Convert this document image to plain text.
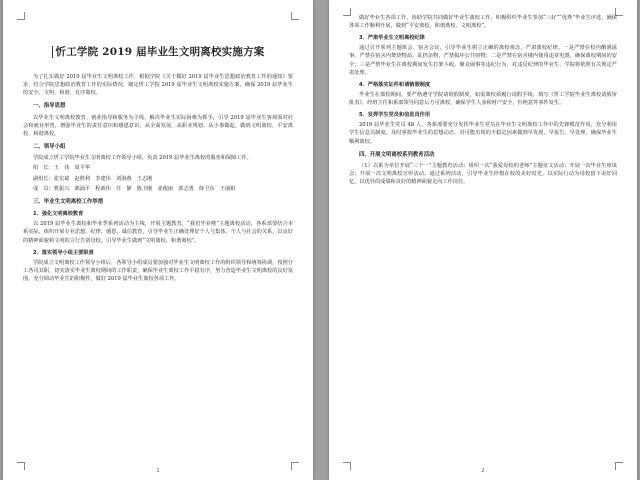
忻工学院 2019 届毕业生文明离校实施方案

为了扎实做好 2019 届毕业生文明离校工作，根据学院《关于做好 2019 届毕业生思想政治教育工作的通知》要求，结合学院思想政治教育工作的实际情况，制定忻工学院 2019 届毕业生文明离校实施方案，确保 2019 届毕业生的安全、文明、和谐、有序离校。

一、指导思想

以毕业生文明离校教育、就业指导和服务为主线，解决毕业生实际困难为抓手，引导 2019 届毕业生客观面对社会和就业形势，增强毕业生的责任意识和感恩意识，从全面发展、从职业规划、从小事做起，做到文明离校、平安离校、和谐离校。

二、领导小组

学院成立忻工学院毕业生文明离校工作领导小组，负责 2019 届毕业生离校的服务和保障工作。

组　长：王　伟　周平华

副组长：张宏斌　赵胜利　李建伟　刘海燕　王志刚

成　员：曹振兴　郝涌平　程新伟　任　静　陈卫刚　姜俊丽　郭志勇　薛卫东　王丽娟

三、毕业生文明离校工作举措
1．强化文明离校教育

以 2019 届毕业生离校和毕业季系列活动为主线，开展主题教育，“我们毕业啦”主题离校活动，各系部要结合本系实际，组织开展专业思想、纪律、感恩、诚信教育，引导毕业生正确处理好个人与集体、个人与社会的关系，以良好的精神面貌和文明的言行告别母校，引导毕业生做到“文明离校、和谐离校”。

2．落实领导小组主要职责

学院成立文明离校工作领导小组后，各领导小组成员要加强对毕业生文明离校工作的组织领导和统筹协调，按照分工各司其职，切实落实毕业生离校期间的工作职责，确保毕业生离校工作平稳有序，努力营造毕业生文明离校的良好氛围，充分调动毕业生的积极性，做好 2019 届毕业生离校各项工作。

1

做好毕业生各项工作，协助学院共同做好毕业生离校工作，积极组织毕业生参加“三好”“优秀”毕业生评选，确保各项工作顺利开展，做到“平安离校、和谐离校、文明离校”。

3．严肃毕业生文明离校纪律

通过召开系列主题班会、宿舍会议，引导毕业生树立正确的离校观念，严肃离校纪律。一是严禁在校内酗酒滋事，严禁在宿舍内焚烧物品、乱扔杂物，严禁损坏公共财物；二是严禁在宿舍楼内使用违章电器，确保离校期间的安全；三是严禁毕业生在离校期间发生打架斗殴、聚众闹事等违纪行为，对违反纪律的毕业生，学院将依照有关规定严肃处理。

4．严格落实证件和请销假制度

毕业生在离校期间，要严格遵守学院请销假制度，如需离校须履行请假手续，填写《忻工学院毕业生离校请假审批表》，经班主任和系部领导同意后方可离校，确保学生人身和财产安全，杜绝意外事件发生。

5．发挥学生党员和信息员作用

2019 届毕业生党员 48 人，各系部要充分发挥毕业生党员在毕业生文明离校工作中的先锋模范作用，充分利用学生信息员制度，及时掌握毕业生的思想动态，对可能出现的不稳定因素做到早发现、早报告、早处理，确保毕业生顺利离校。

四、开展文明离校系列教育活动

（1）以系为单位开展“三个一”主题教育活动：组织一次“我爱母校的老师”主题征文活动；开展一次毕业生座谈会；开展一次文明离校宣传活动。通过系列活动，引导毕业生珍惜在校的美好时光，以实际行动为母校留下美好回忆，以优异的成绩和良好的精神面貌走向工作岗位。

2
